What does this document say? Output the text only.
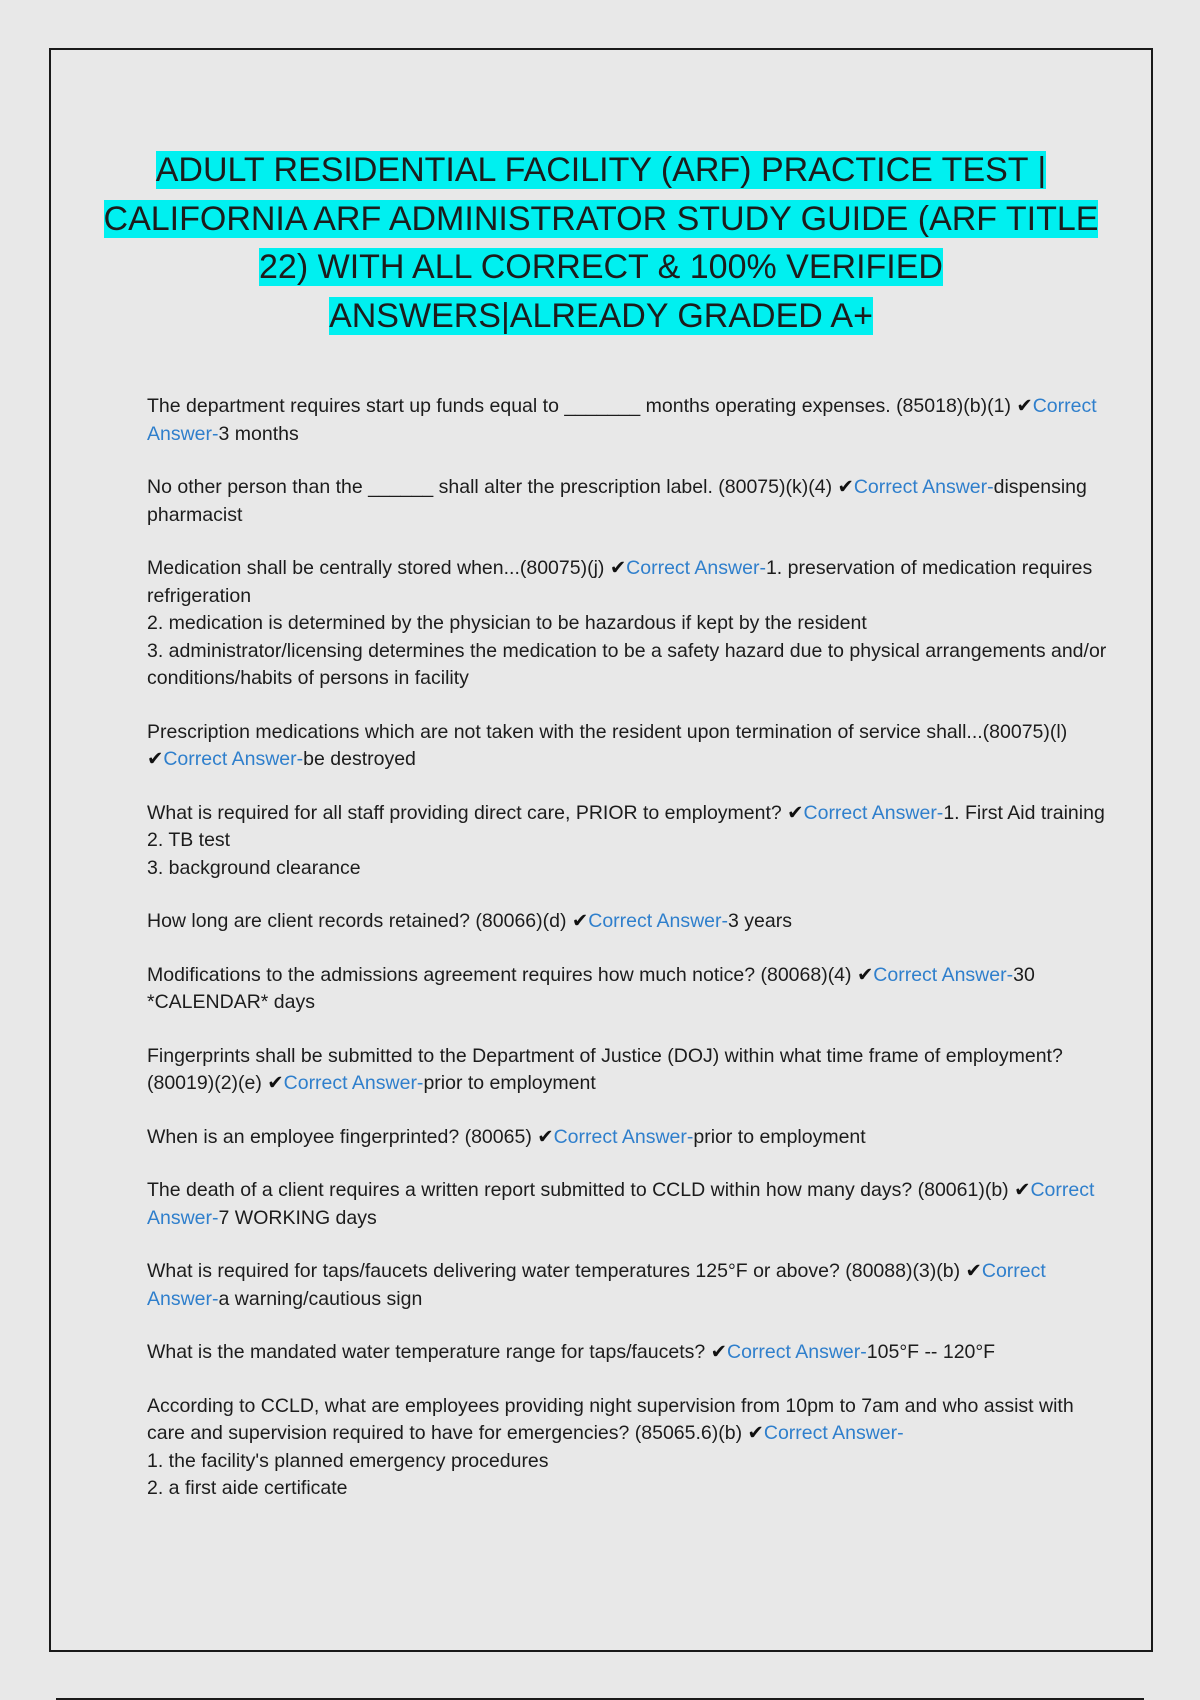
ADULT RESIDENTIAL FACILITY (ARF) PRACTICE TEST | CALIFORNIA ARF ADMINISTRATOR STUDY GUIDE (ARF TITLE 22) WITH ALL CORRECT & 100% VERIFIED ANSWERS|ALREADY GRADED A+

The department requires start up funds equal to _______ months operating expenses. (85018)(b)(1) ✔Correct Answer-3 months

No other person than the ______ shall alter the prescription label. (80075)(k)(4) ✔Correct Answer-dispensing pharmacist

Medication shall be centrally stored when...(80075)(j) ✔Correct Answer-1. preservation of medication requires refrigeration
2. medication is determined by the physician to be hazardous if kept by the resident
3. administrator/licensing determines the medication to be a safety hazard due to physical arrangements and/or conditions/habits of persons in facility

Prescription medications which are not taken with the resident upon termination of service shall...(80075)(l) ✔Correct Answer-be destroyed

What is required for all staff providing direct care, PRIOR to employment? ✔Correct Answer-1. First Aid training
2. TB test
3. background clearance

How long are client records retained? (80066)(d) ✔Correct Answer-3 years

Modifications to the admissions agreement requires how much notice? (80068)(4) ✔Correct Answer-30 *CALENDAR* days

Fingerprints shall be submitted to the Department of Justice (DOJ) within what time frame of employment? (80019)(2)(e) ✔Correct Answer-prior to employment

When is an employee fingerprinted? (80065) ✔Correct Answer-prior to employment

The death of a client requires a written report submitted to CCLD within how many days? (80061)(b) ✔Correct Answer-7 WORKING days

What is required for taps/faucets delivering water temperatures 125°F or above? (80088)(3)(b) ✔Correct Answer-a warning/cautious sign

What is the mandated water temperature range for taps/faucets? ✔Correct Answer-105°F -- 120°F

According to CCLD, what are employees providing night supervision from 10pm to 7am and who assist with care and supervision required to have for emergencies? (85065.6)(b) ✔Correct Answer-
1. the facility's planned emergency procedures
2. a first aide certificate
